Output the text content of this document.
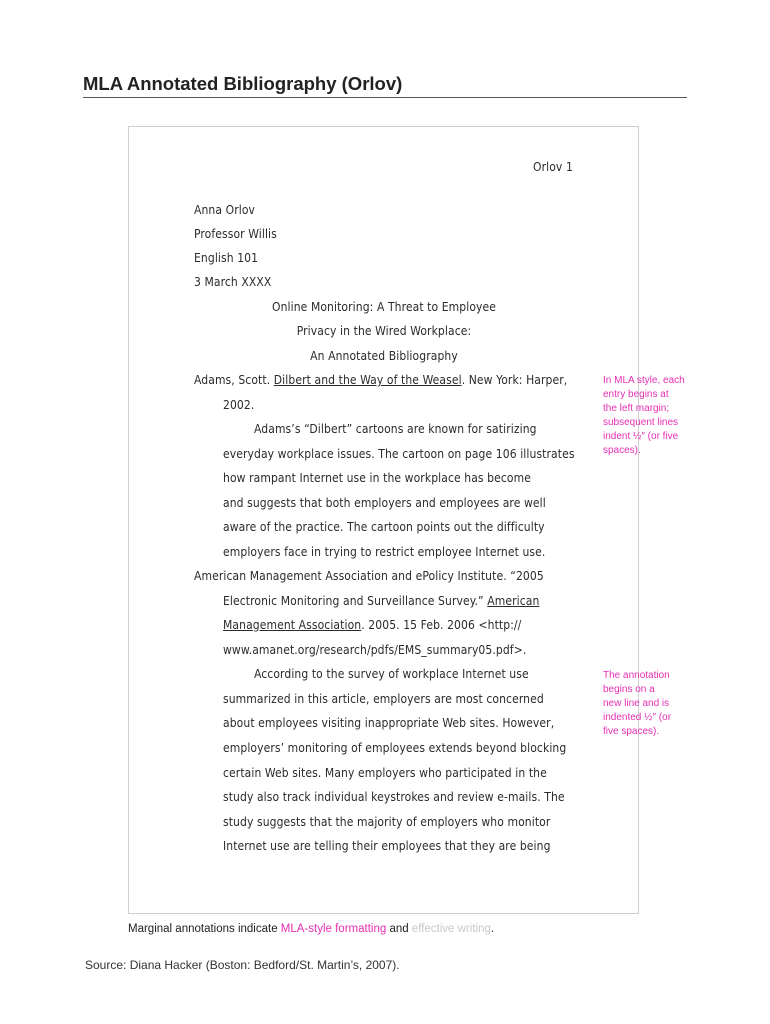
MLA Annotated Bibliography (Orlov)

Orlov 1

Anna Orlov

Professor Willis

English 101

3 March XXXX

Online Monitoring: A Threat to Employee

Privacy in the Wired Workplace:

An Annotated Bibliography

Adams, Scott. Dilbert and the Way of the Weasel. New York: Harper,

2002.

Adams’s “Dilbert” cartoons are known for satirizing

everyday workplace issues. The cartoon on page 106 illustrates

how rampant Internet use in the workplace has become

and suggests that both employers and employees are well

aware of the practice. The cartoon points out the difficulty

employers face in trying to restrict employee Internet use.

American Management Association and ePolicy Institute. “2005

Electronic Monitoring and Surveillance Survey.” American

Management Association. 2005. 15 Feb. 2006 <http://

www.amanet.org/research/pdfs/EMS_summary05.pdf>.

According to the survey of workplace Internet use

summarized in this article, employers are most concerned

about employees visiting inappropriate Web sites. However,

employers’ monitoring of employees extends beyond blocking

certain Web sites. Many employers who participated in the

study also track individual keystrokes and review e-mails. The

study suggests that the majority of employers who monitor

Internet use are telling their employees that they are being

In MLA style, each
entry begins at
the left margin;
subsequent lines
indent ½″ (or five
spaces).
The annotation
begins on a
new line and is
indented ½″ (or
five spaces).

Marginal annotations indicate MLA-style formatting and effective writing.

Source: Diana Hacker (Boston: Bedford/St. Martin’s, 2007).
